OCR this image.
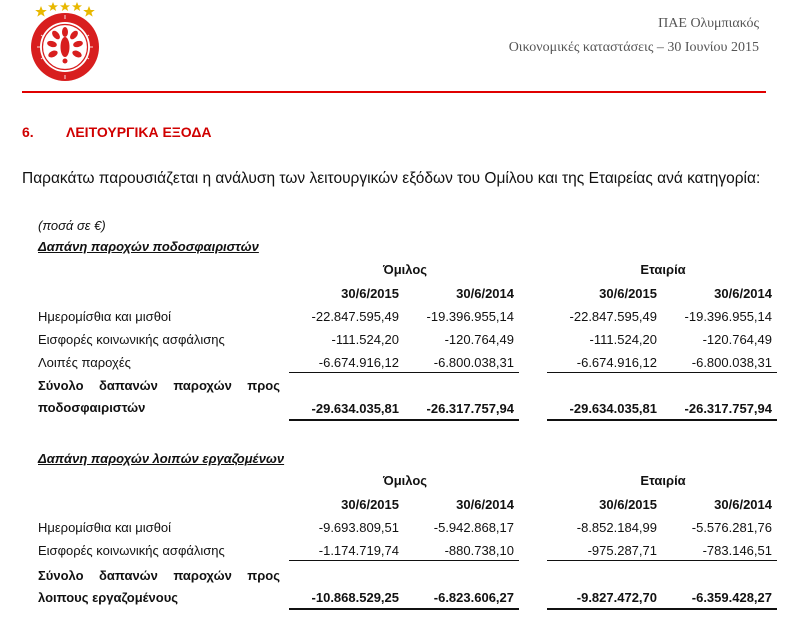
ΠΑΕ Ολυμπιακός
Οικονομικές καταστάσεις – 30 Ιουνίου 2015
6. ΛΕΙΤΟΥΡΓΙΚΑ ΕΞΟΔΑ
Παρακάτω παρουσιάζεται η ανάλυση των λειτουργικών εξόδων του Ομίλου και της Εταιρείας ανά κατηγορία:
(ποσά σε €)
Δαπάνη παροχών ποδοσφαιριστών
Όμιλος	Εταιρία
30/6/2015	30/6/2014	30/6/2015	30/6/2014
Ημερομίσθια και μισθοί	-22.847.595,49	-19.396.955,14	-22.847.595,49	-19.396.955,14
Εισφορές κοινωνικής ασφάλισης	-111.524,20	-120.764,49	-111.524,20	-120.764,49
Λοιπές παροχές	-6.674.916,12	-6.800.038,31	-6.674.916,12	-6.800.038,31
Σύνολο δαπανών παροχών προς
ποδοσφαιριστών	-29.634.035,81	-26.317.757,94	-29.634.035,81	-26.317.757,94
Δαπάνη παροχών λοιπών εργαζομένων
Όμιλος	Εταιρία
30/6/2015	30/6/2014	30/6/2015	30/6/2014
Ημερομίσθια και μισθοί	-9.693.809,51	-5.942.868,17	-8.852.184,99	-5.576.281,76
Εισφορές κοινωνικής ασφάλισης	-1.174.719,74	-880.738,10	-975.287,71	-783.146,51
Σύνολο δαπανών παροχών προς
λοιπους εργαζομένους	-10.868.529,25	-6.823.606,27	-9.827.472,70	-6.359.428,27
